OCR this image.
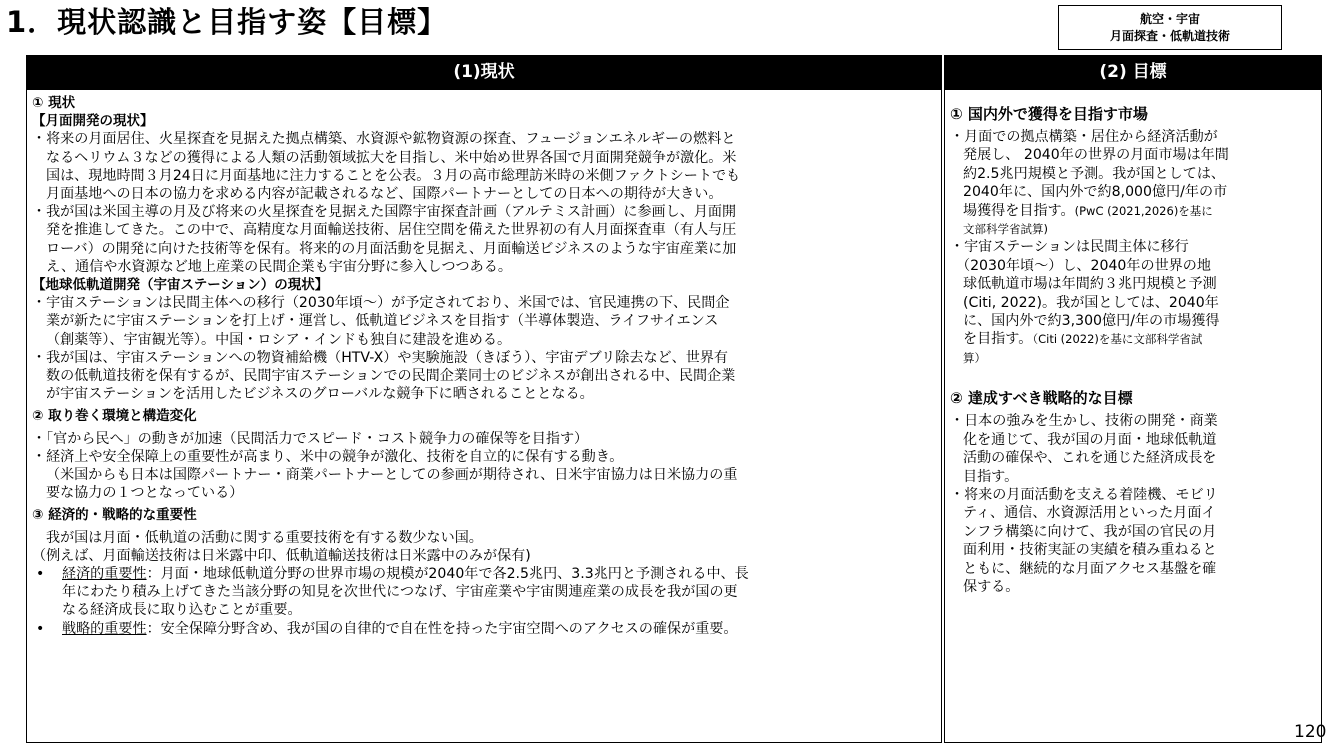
1．現状認識と目指す姿【目標】	航空・宇宙
月面探査・低軌道技術
(1)現状
① 現状
【月面開発の現状】
・将来の月面居住、火星探査を見据えた拠点構築、水資源や鉱物資源の探査、フュージョンエネルギーの燃料と
なるヘリウム３などの獲得による人類の活動領域拡大を目指し、米中始め世界各国で月面開発競争が激化。米
国は、現地時間３月24日に月面基地に注力することを公表。３月の高市総理訪米時の米側ファクトシートでも
月面基地への日本の協力を求める内容が記載されるなど、国際パートナーとしての日本への期待が大きい。
・我が国は米国主導の月及び将来の火星探査を見据えた国際宇宙探査計画（アルテミス計画）に参画し、月面開
発を推進してきた。この中で、高精度な月面輸送技術、居住空間を備えた世界初の有人月面探査車（有人与圧
ローバ）の開発に向けた技術等を保有。将来的の月面活動を見据え、月面輸送ビジネスのような宇宙産業に加
え、通信や水資源など地上産業の民間企業も宇宙分野に参入しつつある。
【地球低軌道開発（宇宙ステーション）の現状】
・宇宙ステーションは民間主体への移行（2030年頃～）が予定されており、米国では、官民連携の下、民間企
業が新たに宇宙ステーションを打上げ・運営し、低軌道ビジネスを目指す（半導体製造、ライフサイエンス
（創薬等）、宇宙観光等）。中国・ロシア・インドも独自に建設を進める。
・我が国は、宇宙ステーションへの物資補給機（HTV-X）や実験施設（きぼう）、宇宙デブリ除去など、世界有
数の低軌道技術を保有するが、民間宇宙ステーションでの民間企業同士のビジネスが創出される中、民間企業
が宇宙ステーションを活用したビジネスのグローバルな競争下に晒されることとなる。
② 取り巻く環境と構造変化
・「官から民へ」の動きが加速（民間活力でスピード・コスト競争力の確保等を目指す）
・経済上や安全保障上の重要性が高まり、米中の競争が激化、技術を自立的に保有する動き。
（米国からも日本は国際パートナー・商業パートナーとしての参画が期待され、日米宇宙協力は日米協力の重
要な協力の１つとなっている）
③ 経済的・戦略的な重要性
我が国は月面・低軌道の活動に関する重要技術を有する数少ない国。
（例えば、月面輸送技術は日米露中印、低軌道輸送技術は日米露中のみが保有)
• 経済的重要性：月面・地球低軌道分野の世界市場の規模が2040年で各2.5兆円、3.3兆円と予測される中、長
年にわたり積み上げてきた当該分野の知見を次世代につなげ、宇宙産業や宇宙関連産業の成長を我が国の更
なる経済成長に取り込むことが重要。
• 戦略的重要性：安全保障分野含め、我が国の自律的で自在性を持った宇宙空間へのアクセスの確保が重要。
(2) 目標
① 国内外で獲得を目指す市場
・月面での拠点構築・居住から経済活動が
発展し、 2040年の世界の月面市場は年間
約2.5兆円規模と予測。我が国としては、
2040年に、国内外で約8,000億円/年の市
場獲得を目指す。(PwC (2021,2026)を基に
文部科学省試算)
・宇宙ステーションは民間主体に移行
（2030年頃～）し、2040年の世界の地
球低軌道市場は年間約３兆円規模と予測
(Citi, 2022)。我が国としては、2040年
に、国内外で約3,300億円/年の市場獲得
を目指す。（Citi (2022)を基に文部科学省試
算）
② 達成すべき戦略的な目標
・日本の強みを生かし、技術の開発・商業
化を通じて、我が国の月面・地球低軌道
活動の確保や、これを通じた経済成長を
目指す。
・将来の月面活動を支える着陸機、モビリ
ティ、通信、水資源活用といった月面イ
ンフラ構築に向けて、我が国の官民の月
面利用・技術実証の実績を積み重ねると
ともに、継続的な月面アクセス基盤を確
保する。
120
